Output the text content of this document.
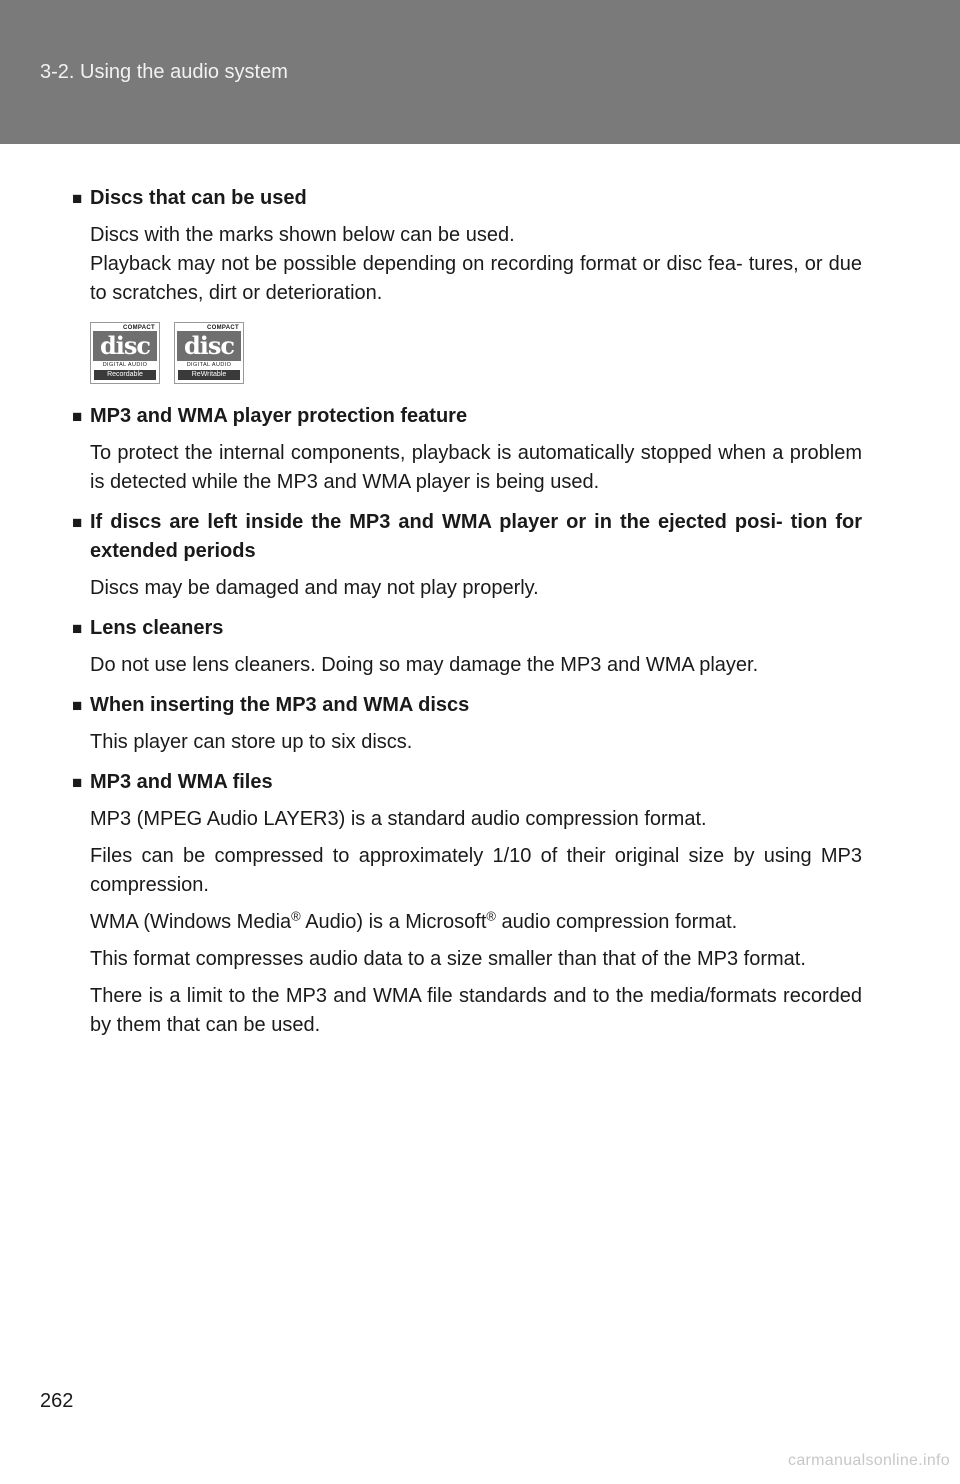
3-2. Using the audio system
■ Discs that can be used
Discs with the marks shown below can be used.
Playback may not be possible depending on recording format or disc fea- tures, or due to scratches, dirt or deterioration.
COMPACT
disc
DIGITAL AUDIO
Recordable
COMPACT
disc
DIGITAL AUDIO
ReWritable
■ MP3 and WMA player protection feature
To protect the internal components, playback is automatically stopped when a problem is detected while the MP3 and WMA player is being used.
■ If discs are left inside the MP3 and WMA player or in the ejected posi- tion for extended periods
Discs may be damaged and may not play properly.
■ Lens cleaners
Do not use lens cleaners. Doing so may damage the MP3 and WMA player.
■ When inserting the MP3 and WMA discs
This player can store up to six discs.
■ MP3 and WMA files
MP3 (MPEG Audio LAYER3) is a standard audio compression format.
Files can be compressed to approximately 1/10 of their original size by using MP3 compression.
WMA (Windows Media® Audio) is a Microsoft® audio compression format.
This format compresses audio data to a size smaller than that of the MP3 format.
There is a limit to the MP3 and WMA file standards and to the media/formats recorded by them that can be used.
262
carmanualsonline.info
